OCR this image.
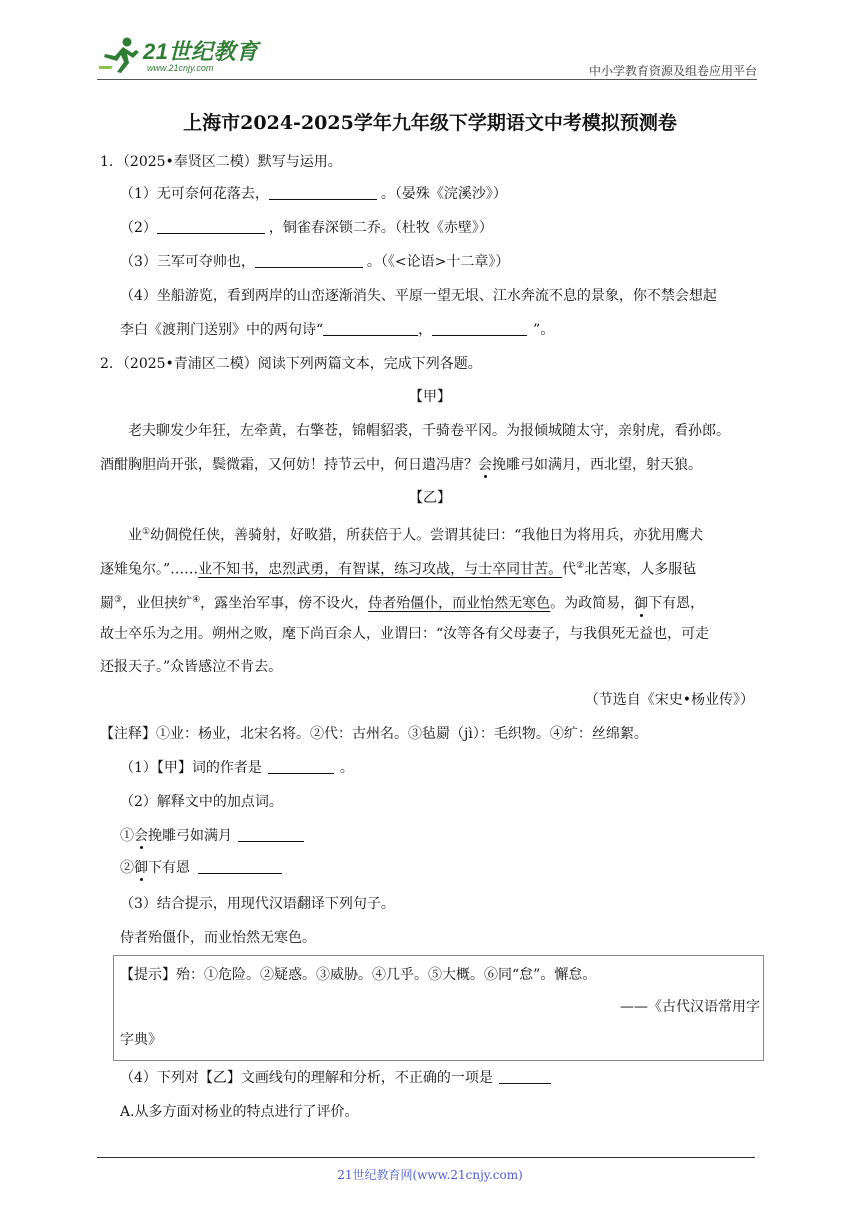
21世纪教育
www.21cnjy.com	中小学教育资源及组卷应用平台
上海市2024-2025学年九年级下学期语文中考模拟预测卷
1．（2025•奉贤区二模）默写与运用。
（1）无可奈何花落去，	。（晏殊《浣溪沙》）
（2）	，铜雀春深锁二乔。（杜牧《赤壁》）
（3）三军可夺帅也，	。（《<论语>十二章》）
（4）坐船游览，看到两岸的山峦逐渐消失、平原一望无垠、江水奔流不息的景象，你不禁会想起
李白《渡荆门送别》中的两句诗“	，	”。
2．（2025•青浦区二模）阅读下列两篇文本，完成下列各题。
【甲】
老夫聊发少年狂，左牵黄，右擎苍，锦帽貂裘，千骑卷平冈。为报倾城随太守，亲射虎，看孙郎。
酒酣胸胆尚开张，鬓微霜，又何妨！持节云中，何日遣冯唐？会挽雕弓如满月，西北望，射天狼。
【乙】
业①幼倜傥任侠，善骑射，好畋猎，所获倍于人。尝谓其徒曰：“我他日为将用兵，亦犹用鹰犬
逐雉兔尔。”……业不知书，忠烈武勇，有智谋，练习攻战，与士卒同甘苦。代②北苦寒，人多服毡
罽③，业但挟纩④，露坐治军事，傍不设火，侍者殆僵仆，而业怡然无寒色。为政简易，御下有恩，
故士卒乐为之用。朔州之败，麾下尚百余人，业谓曰：“汝等各有父母妻子，与我俱死无益也，可走
还报天子。”众皆感泣不肯去。
（节选自《宋史•杨业传》）
【注释】①业：杨业，北宋名将。②代：古州名。③毡罽（jì）：毛织物。④纩：丝绵絮。
（1）【甲】词的作者是	。
（2）解释文中的加点词。
①会挽雕弓如满月
②御下有恩
（3）结合提示，用现代汉语翻译下列句子。
侍者殆僵仆，而业怡然无寒色。
【提示】殆：①危险。②疑惑。③威胁。④几乎。⑤大概。⑥同“怠”。懈怠。
——《古代汉语常用字
字典》
（4）下列对【乙】文画线句的理解和分析，不正确的一项是
A.从多方面对杨业的特点进行了评价。
21世纪教育网(www.21cnjy.com)
